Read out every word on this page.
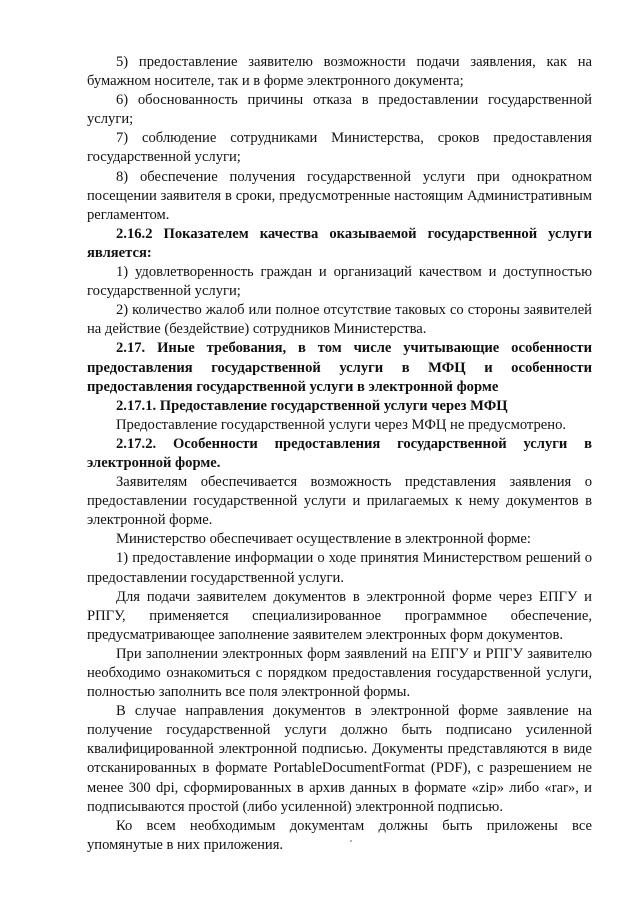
5) предоставление заявителю возможности подачи заявления, как на бумажном носителе, так и в форме электронного документа;

6) обоснованность причины отказа в предоставлении государственной услуги;

7) соблюдение сотрудниками Министерства, сроков предоставления государственной услуги;

8) обеспечение получения государственной услуги при однократном посещении заявителя в сроки, предусмотренные настоящим Административным регламентом.

2.16.2 Показателем качества оказываемой государственной услуги является:

1) удовлетворенность граждан и организаций качеством и доступностью государственной услуги;

2) количество жалоб или полное отсутствие таковых со стороны заявителей на действие (бездействие) сотрудников Министерства.

2.17. Иные требования, в том числе учитывающие особенности предоставления государственной услуги в МФЦ и особенности предоставления государственной услуги в электронной форме

2.17.1. Предоставление государственной услуги через МФЦ

Предоставление государственной услуги через МФЦ не предусмотрено.

2.17.2. Особенности предоставления государственной услуги в электронной форме.

Заявителям обеспечивается возможность представления заявления о предоставлении государственной услуги и прилагаемых к нему документов в электронной форме.

Министерство обеспечивает осуществление в электронной форме:

1) предоставление информации о ходе принятия Министерством решений о предоставлении государственной услуги.

Для подачи заявителем документов в электронной форме через ЕПГУ и РПГУ, применяется специализированное программное обеспечение, предусматривающее заполнение заявителем электронных форм документов.

При заполнении электронных форм заявлений на ЕПГУ и РПГУ заявителю необходимо ознакомиться с порядком предоставления государственной услуги, полностью заполнить все поля электронной формы.

В случае направления документов в электронной форме заявление на получение государственной услуги должно быть подписано усиленной квалифицированной электронной подписью. Документы представляются в виде отсканированных в формате PortableDocumentFormat (PDF), с разрешением не менее 300 dpi, сформированных в архив данных в формате «zip» либо «rar», и подписываются простой (либо усиленной) электронной подписью.

Ко всем необходимым документам должны быть приложены все упомянутые в них приложения.
